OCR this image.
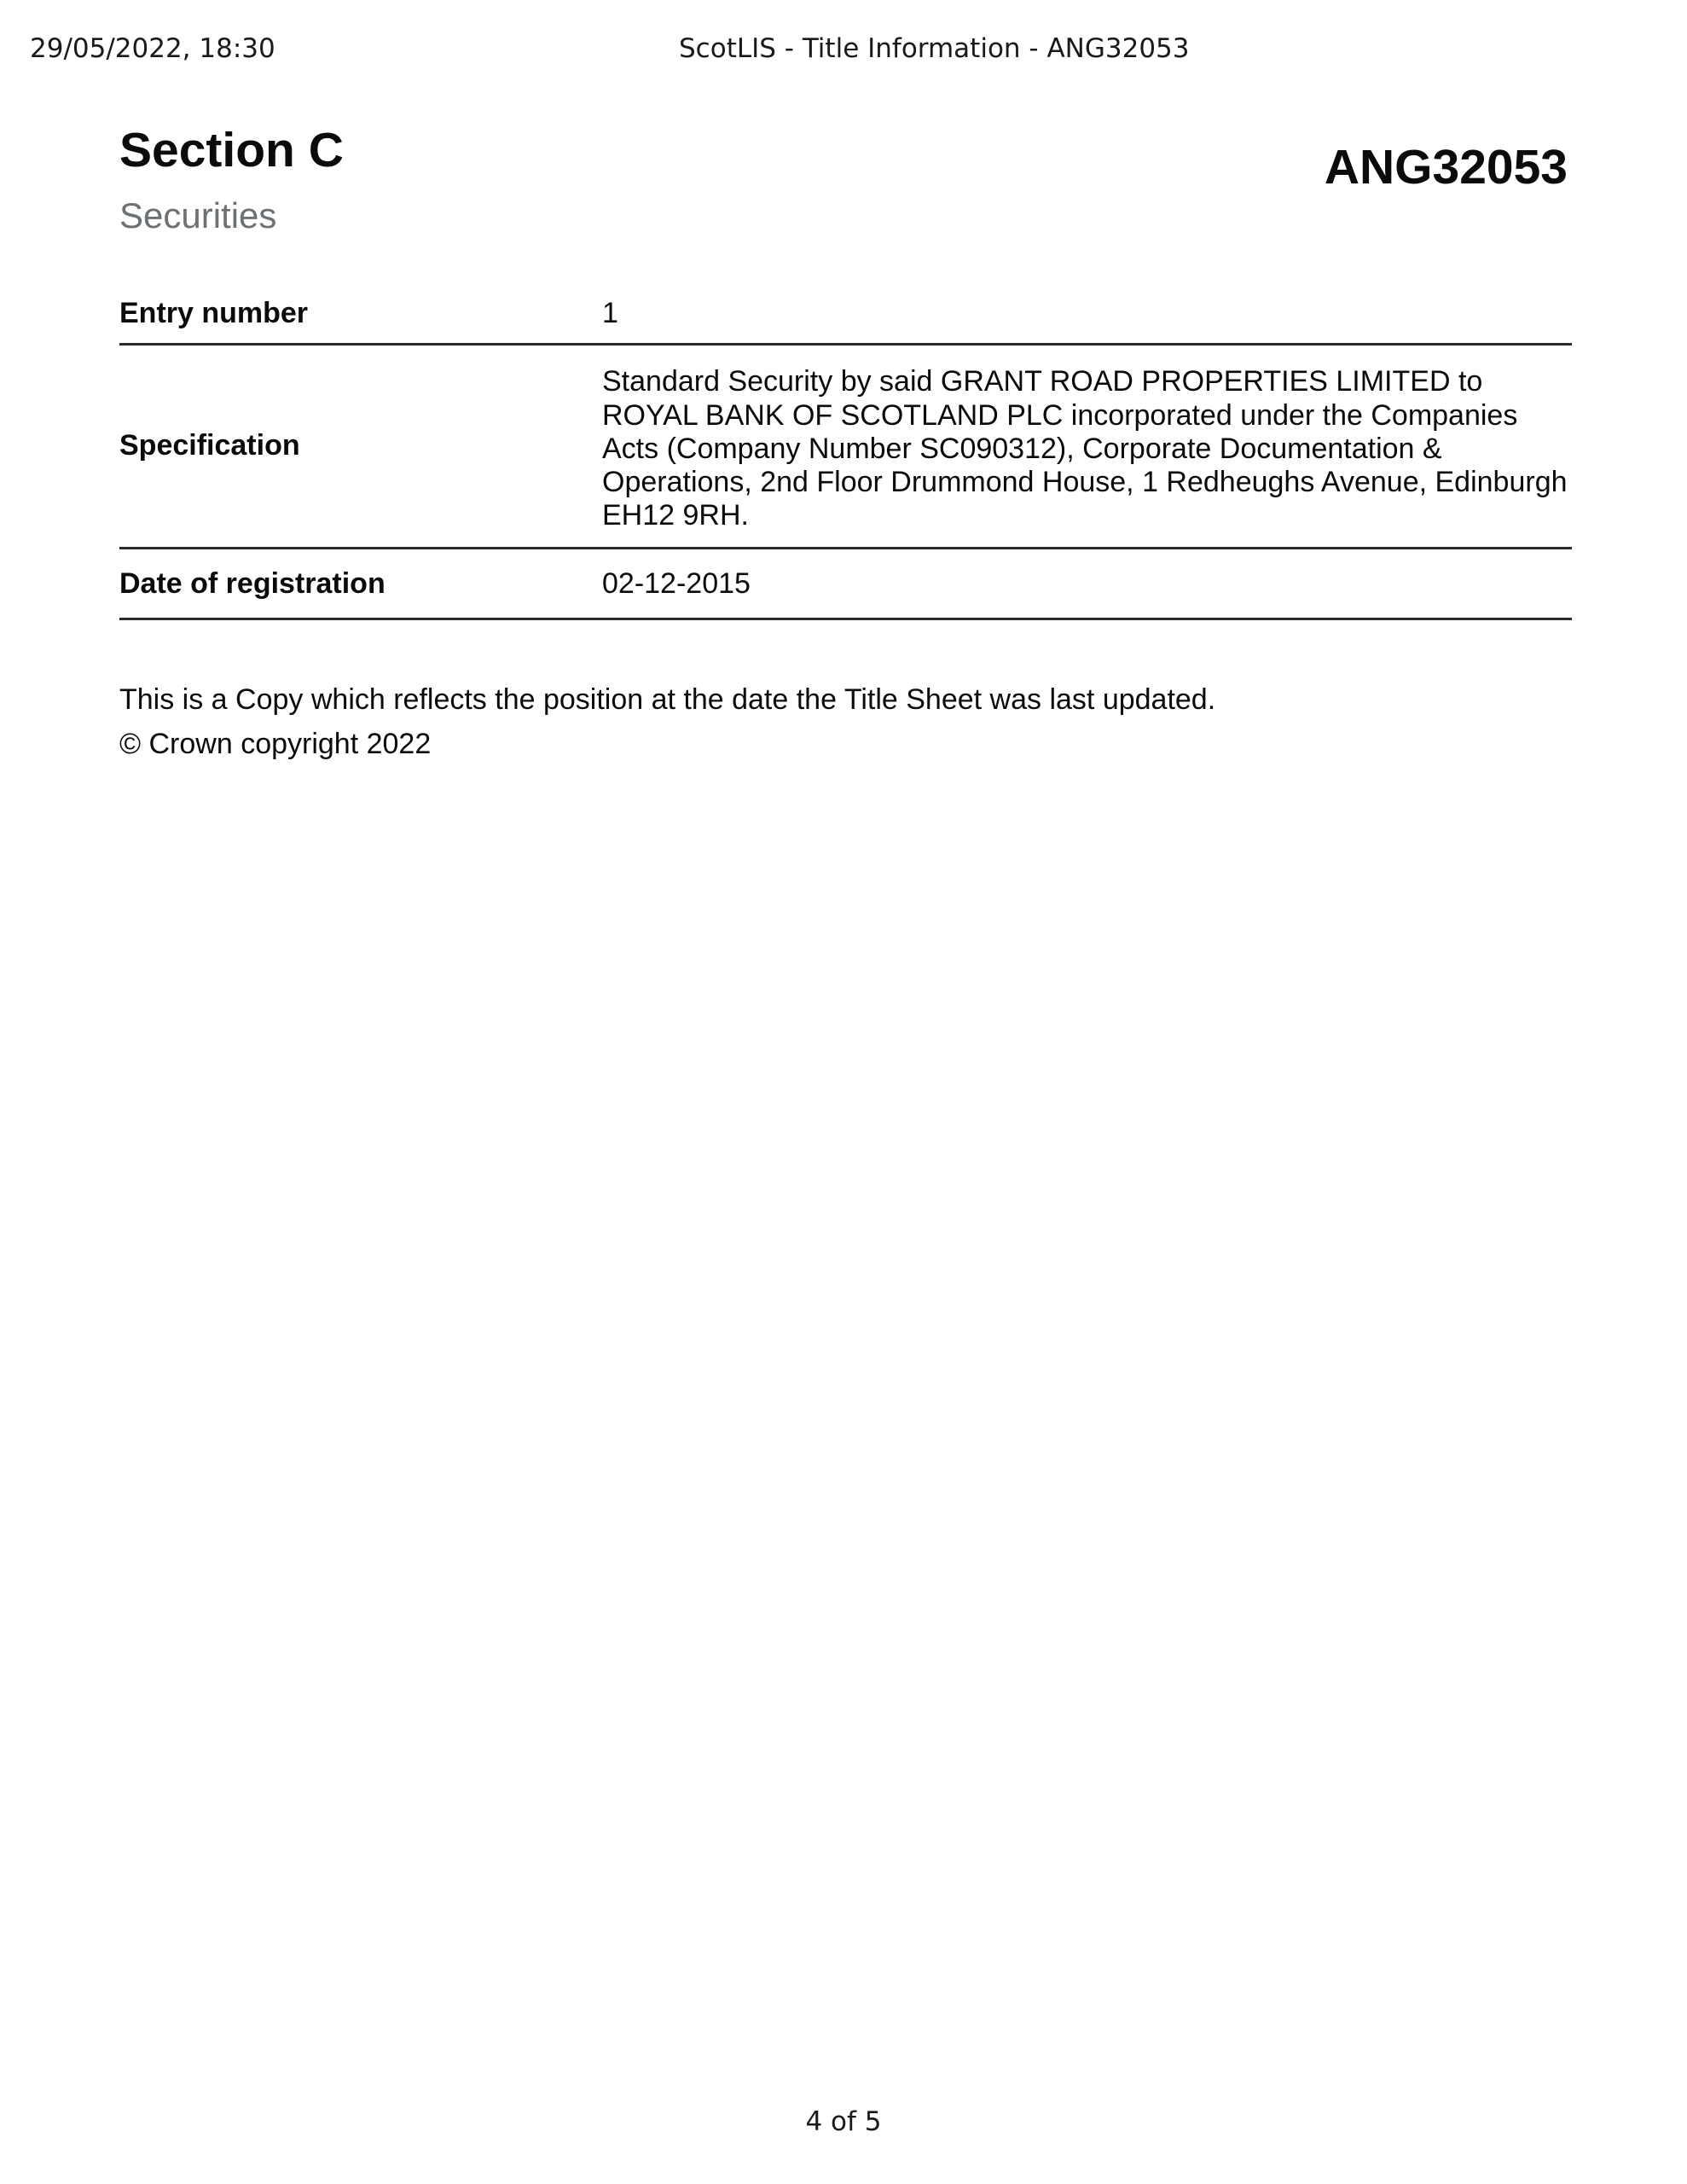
29/05/2022, 18:30	ScotLIS - Title Information - ANG32053
Section C	ANG32053
Securities
Entry number	1
Specification	Standard Security by said GRANT ROAD PROPERTIES LIMITED to ROYAL BANK OF SCOTLAND PLC incorporated under the Companies Acts (Company Number SC090312), Corporate Documentation & Operations, 2nd Floor Drummond House, 1 Redheughs Avenue, Edinburgh EH12 9RH.
Date of registration	02-12-2015
This is a Copy which reflects the position at the date the Title Sheet was last updated.
© Crown copyright 2022
4 of 5
